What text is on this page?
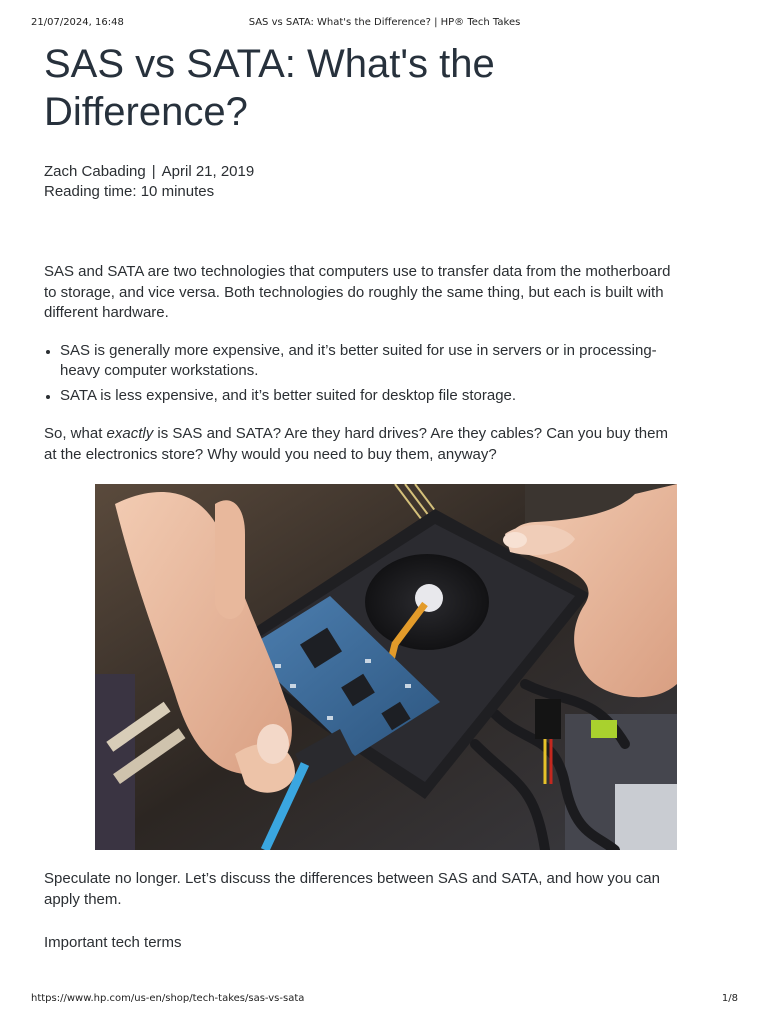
21/07/2024, 16:48	SAS vs SATA: What's the Difference? | HP® Tech Takes
SAS vs SATA: What's the Difference?
Zach Cabading | April 21, 2019
Reading time: 10 minutes

SAS and SATA are two technologies that computers use to transfer data from the motherboard to storage, and vice versa. Both technologies do roughly the same thing, but each is built with different hardware.

• SAS is generally more expensive, and it’s better suited for use in servers or in processing-heavy computer workstations.
• SATA is less expensive, and it’s better suited for desktop file storage.

So, what exactly is SAS and SATA? Are they hard drives? Are they cables? Can you buy them at the electronics store? Why would you need to buy them, anyway?

Speculate no longer. Let’s discuss the differences between SAS and SATA, and how you can apply them.

Important tech terms

https://www.hp.com/us-en/shop/tech-takes/sas-vs-sata	1/8
